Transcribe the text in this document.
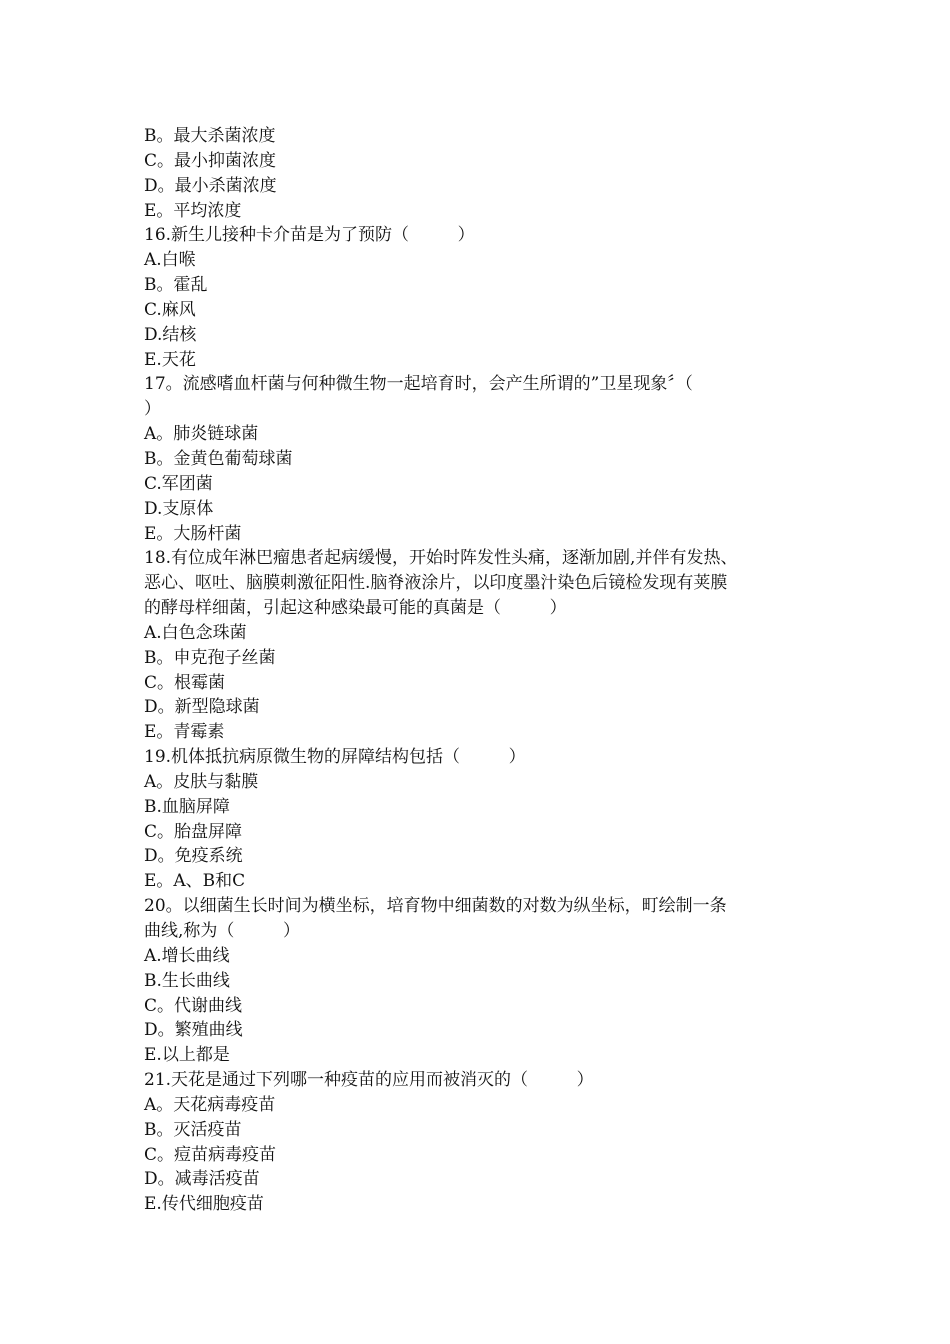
B。最大杀菌浓度
C。最小抑菌浓度
D。最小杀菌浓度
E。平均浓度
16.新生儿接种卡介苗是为了预防（         ）
A.白喉
B。霍乱
C.麻风
D.结核
E.天花
17。流感嗜血杆菌与何种微生物一起培育时，会产生所谓的”卫星现象〞（
）
A。肺炎链球菌
B。金黄色葡萄球菌
C.军团菌
D.支原体
E。大肠杆菌
18.有位成年淋巴瘤患者起病缓慢，开始时阵发性头痛，逐渐加剧,并伴有发热、
恶心、呕吐、脑膜刺激征阳性.脑脊液涂片，以印度墨汁染色后镜检发现有荚膜
的酵母样细菌，引起这种感染最可能的真菌是（         ）
A.白色念珠菌
B。申克孢子丝菌
C。根霉菌
D。新型隐球菌
E。青霉素
19.机体抵抗病原微生物的屏障结构包括（         ）
A。皮肤与黏膜
B.血脑屏障
C。胎盘屏障
D。免疫系统
E。A、B和C
20。以细菌生长时间为横坐标，培育物中细菌数的对数为纵坐标，町绘制一条
曲线,称为（         ）
A.增长曲线
B.生长曲线
C。代谢曲线
D。繁殖曲线
E.以上都是
21.天花是通过下列哪一种疫苗的应用而被消灭的（         ）
A。天花病毒疫苗
B。灭活疫苗
C。痘苗病毒疫苗
D。减毒活疫苗
E.传代细胞疫苗
